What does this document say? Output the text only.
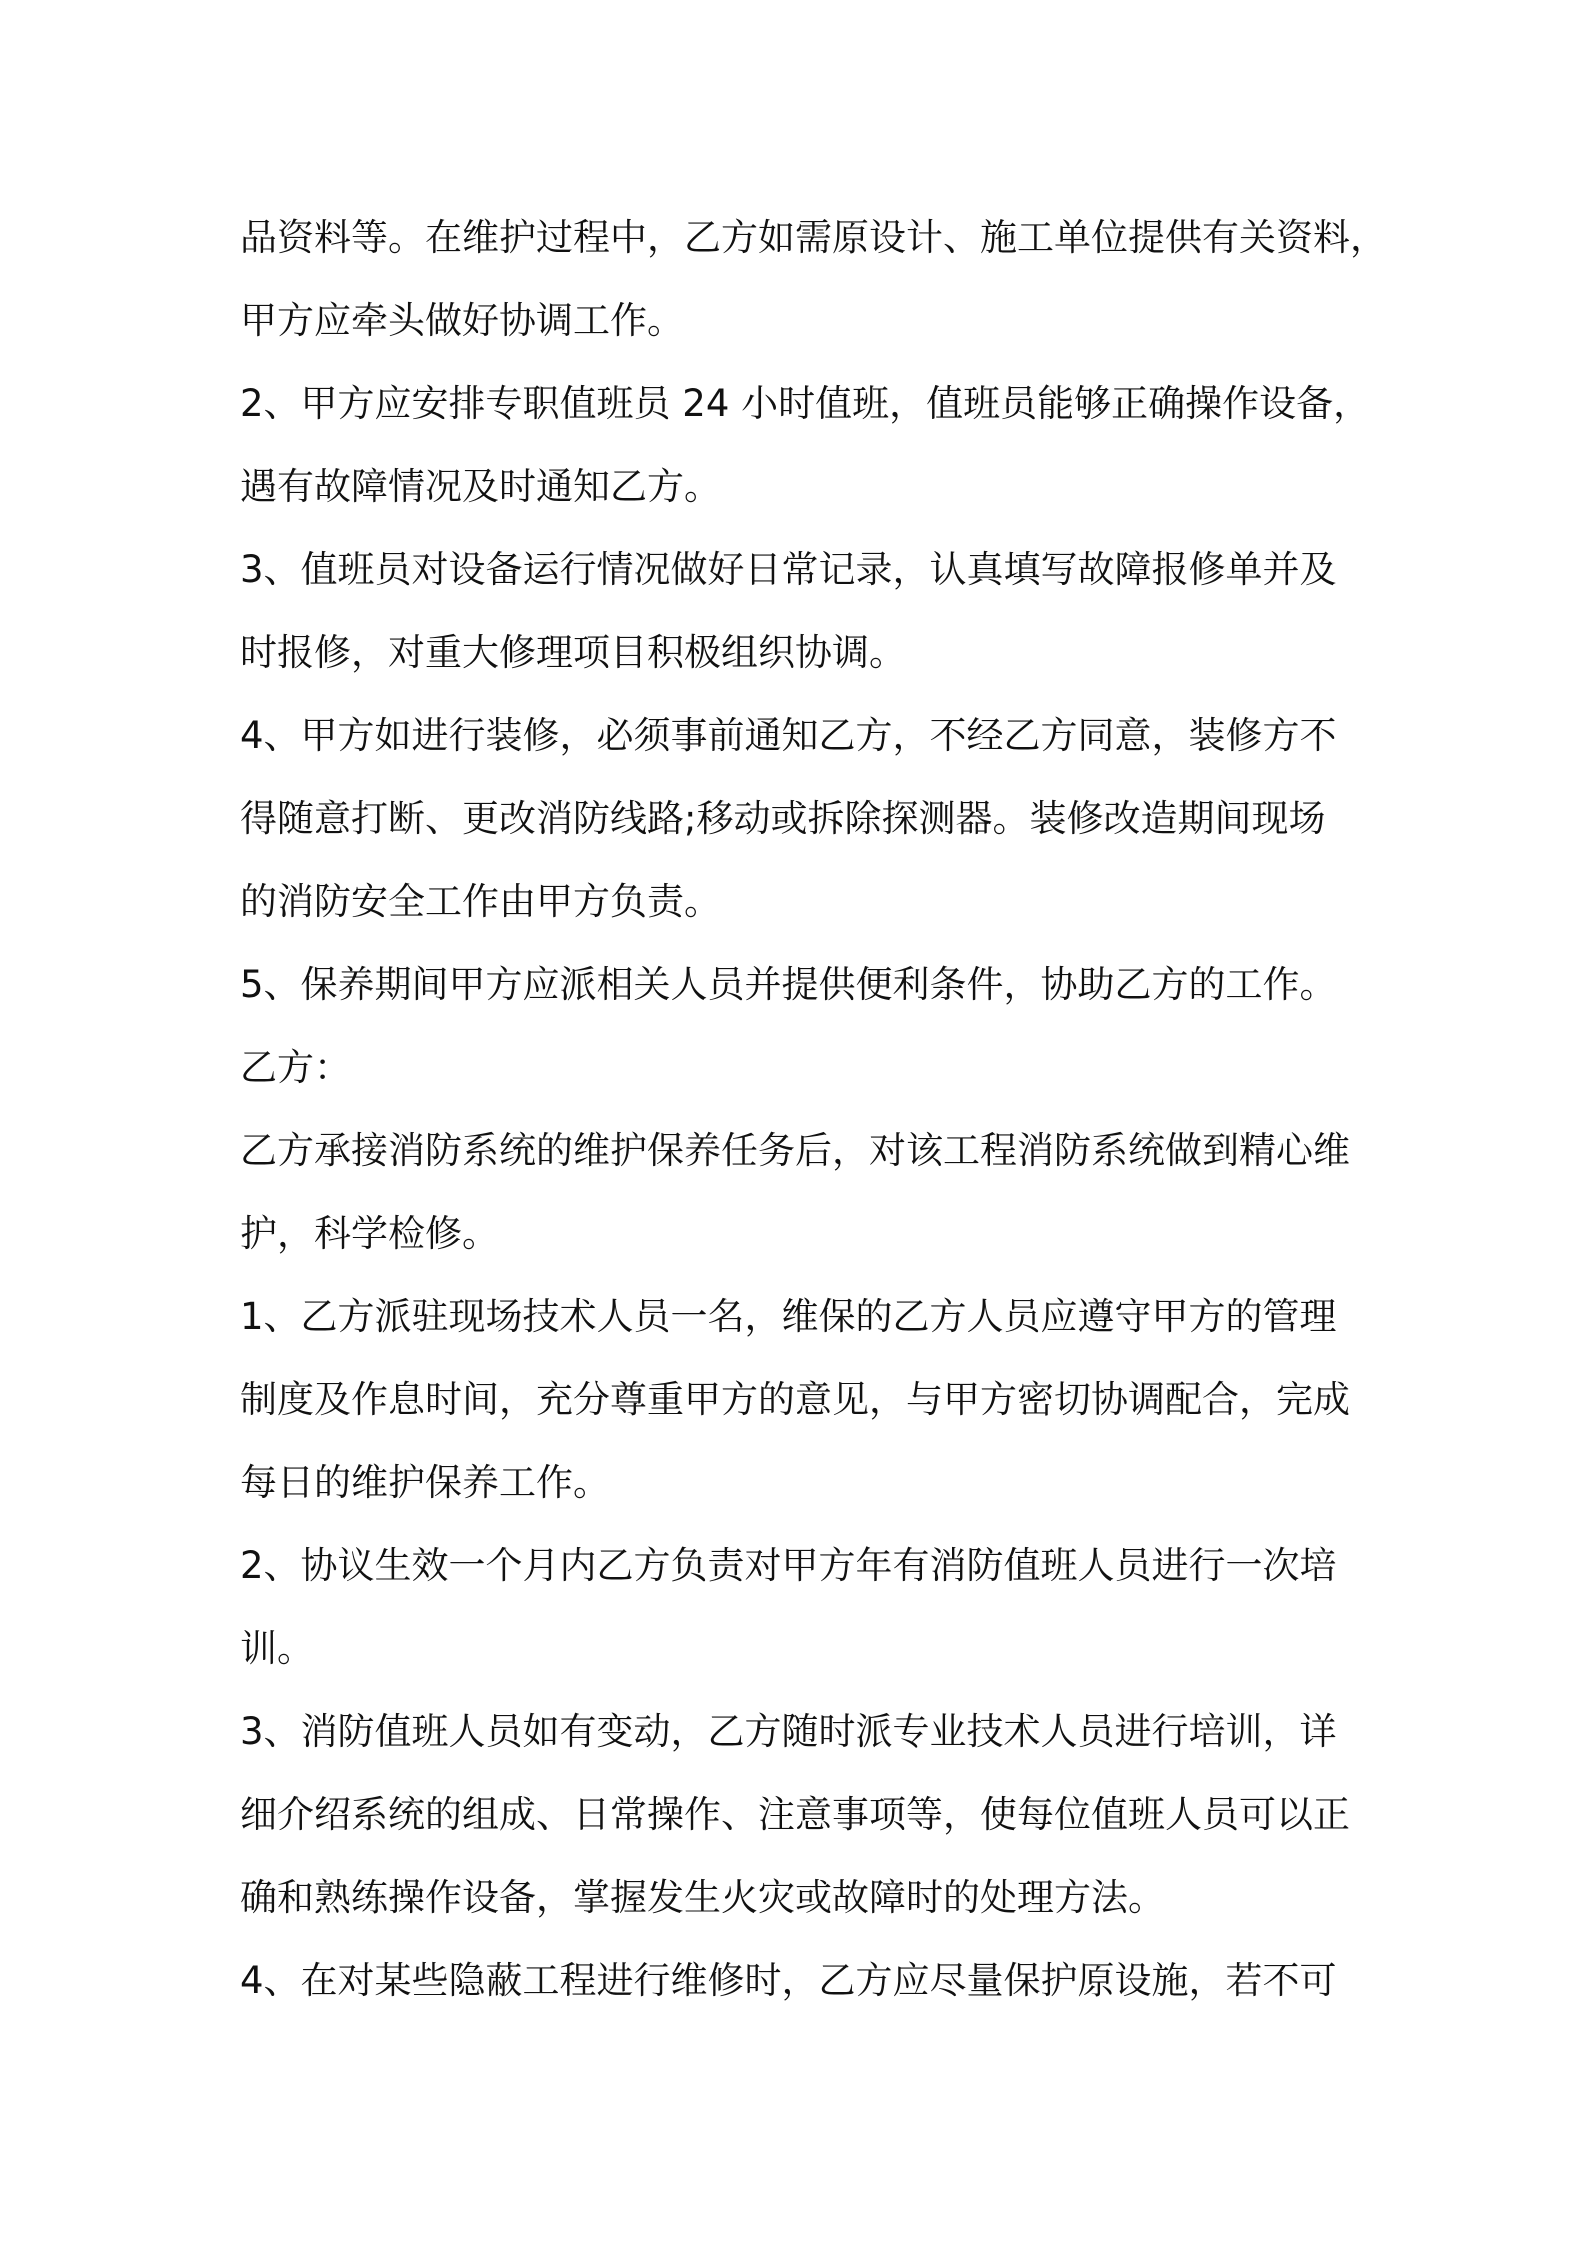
品资料等。在维护过程中，乙方如需原设计、施工单位提供有关资料，
甲方应牵头做好协调工作。
2、甲方应安排专职值班员 24 小时值班，值班员能够正确操作设备，
遇有故障情况及时通知乙方。
3、值班员对设备运行情况做好日常记录，认真填写故障报修单并及
时报修，对重大修理项目积极组织协调。
4、甲方如进行装修，必须事前通知乙方，不经乙方同意，装修方不
得随意打断、更改消防线路;移动或拆除探测器。装修改造期间现场
的消防安全工作由甲方负责。
5、保养期间甲方应派相关人员并提供便利条件，协助乙方的工作。
乙方：
乙方承接消防系统的维护保养任务后，对该工程消防系统做到精心维
护，科学检修。
1、乙方派驻现场技术人员一名，维保的乙方人员应遵守甲方的管理
制度及作息时间，充分尊重甲方的意见，与甲方密切协调配合，完成
每日的维护保养工作。
2、协议生效一个月内乙方负责对甲方年有消防值班人员进行一次培
训。
3、消防值班人员如有变动，乙方随时派专业技术人员进行培训，详
细介绍系统的组成、日常操作、注意事项等，使每位值班人员可以正
确和熟练操作设备，掌握发生火灾或故障时的处理方法。
4、在对某些隐蔽工程进行维修时，乙方应尽量保护原设施，若不可
